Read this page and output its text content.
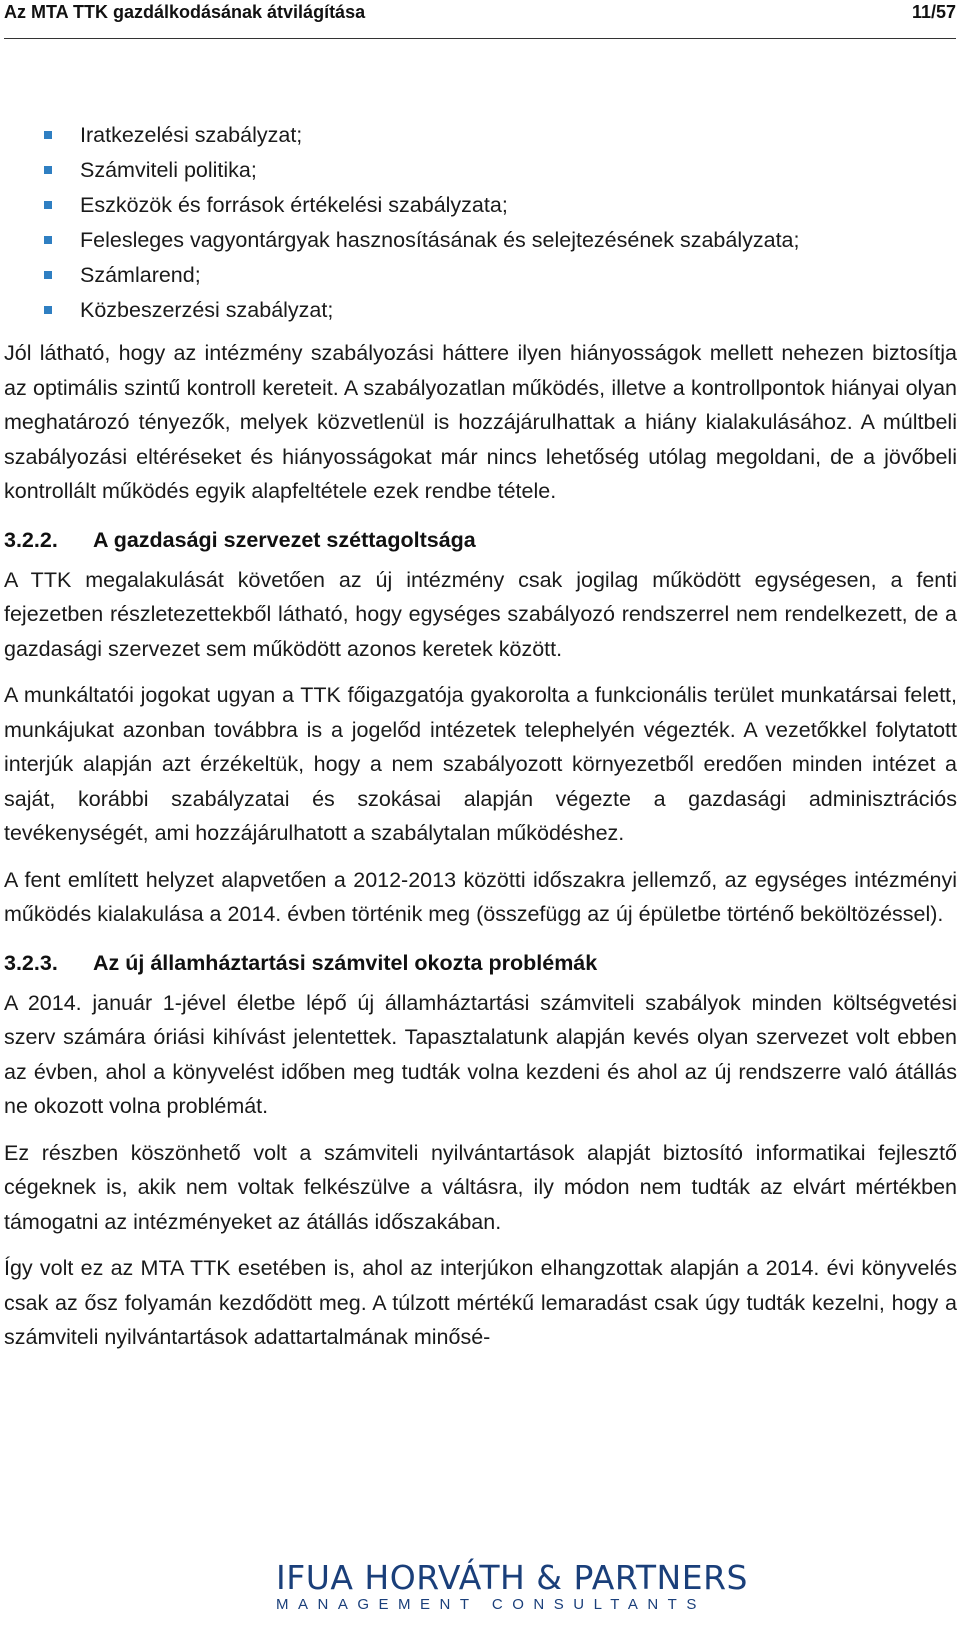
Az MTA TTK gazdálkodásának átvilágítása	11/57
Iratkezelési szabályzat;
Számviteli politika;
Eszközök és források értékelési szabályzata;
Felesleges vagyontárgyak hasznosításának és selejtezésének szabályzata;
Számlarend;
Közbeszerzési szabályzat;

Jól látható, hogy az intézmény szabályozási háttere ilyen hiányosságok mellett nehezen biztosítja az optimális szintű kontroll kereteit. A szabályozatlan működés, illetve a kontrollpontok hiányai olyan meghatározó tényezők, melyek közvetlenül is hozzájárulhattak a hiány kialakulásához. A múltbeli szabályozási eltéréseket és hiányosságokat már nincs lehetőség utólag megoldani, de a jövőbeli kontrollált működés egyik alapfeltétele ezek rendbe tétele.

3.2.2. A gazdasági szervezet széttagoltsága

A TTK megalakulását követően az új intézmény csak jogilag működött egységesen, a fenti fejezetben részletezettekből látható, hogy egységes szabályozó rendszerrel nem rendelkezett, de a gazdasági szervezet sem működött azonos keretek között.

A munkáltatói jogokat ugyan a TTK főigazgatója gyakorolta a funkcionális terület munkatársai felett, munkájukat azonban továbbra is a jogelőd intézetek telephelyén végezték. A vezetőkkel folytatott interjúk alapján azt érzékeltük, hogy a nem szabályozott környezetből eredően minden intézet a saját, korábbi szabályzatai és szokásai alapján végezte a gazdasági adminisztrációs tevékenységét, ami hozzájárulhatott a szabálytalan működéshez.

A fent említett helyzet alapvetően a 2012-2013 közötti időszakra jellemző, az egységes intézményi működés kialakulása a 2014. évben történik meg (összefügg az új épületbe történő beköltözéssel).

3.2.3. Az új államháztartási számvitel okozta problémák

A 2014. január 1-jével életbe lépő új államháztartási számviteli szabályok minden költségvetési szerv számára óriási kihívást jelentettek. Tapasztalatunk alapján kevés olyan szervezet volt ebben az évben, ahol a könyvelést időben meg tudták volna kezdeni és ahol az új rendszerre való átállás ne okozott volna problémát.

Ez részben köszönhető volt a számviteli nyilvántartások alapját biztosító informatikai fejlesztő cégeknek is, akik nem voltak felkészülve a váltásra, ily módon nem tudták az elvárt mértékben támogatni az intézményeket az átállás időszakában.

Így volt ez az MTA TTK esetében is, ahol az interjúkon elhangzottak alapján a 2014. évi könyvelés csak az ősz folyamán kezdődött meg. A túlzott mértékű lemaradást csak úgy tudták kezelni, hogy a számviteli nyilvántartások adattartalmának minősé-

IFUA HORVÁTH & PARTNERS
MANAGEMENT CONSULTANTS
